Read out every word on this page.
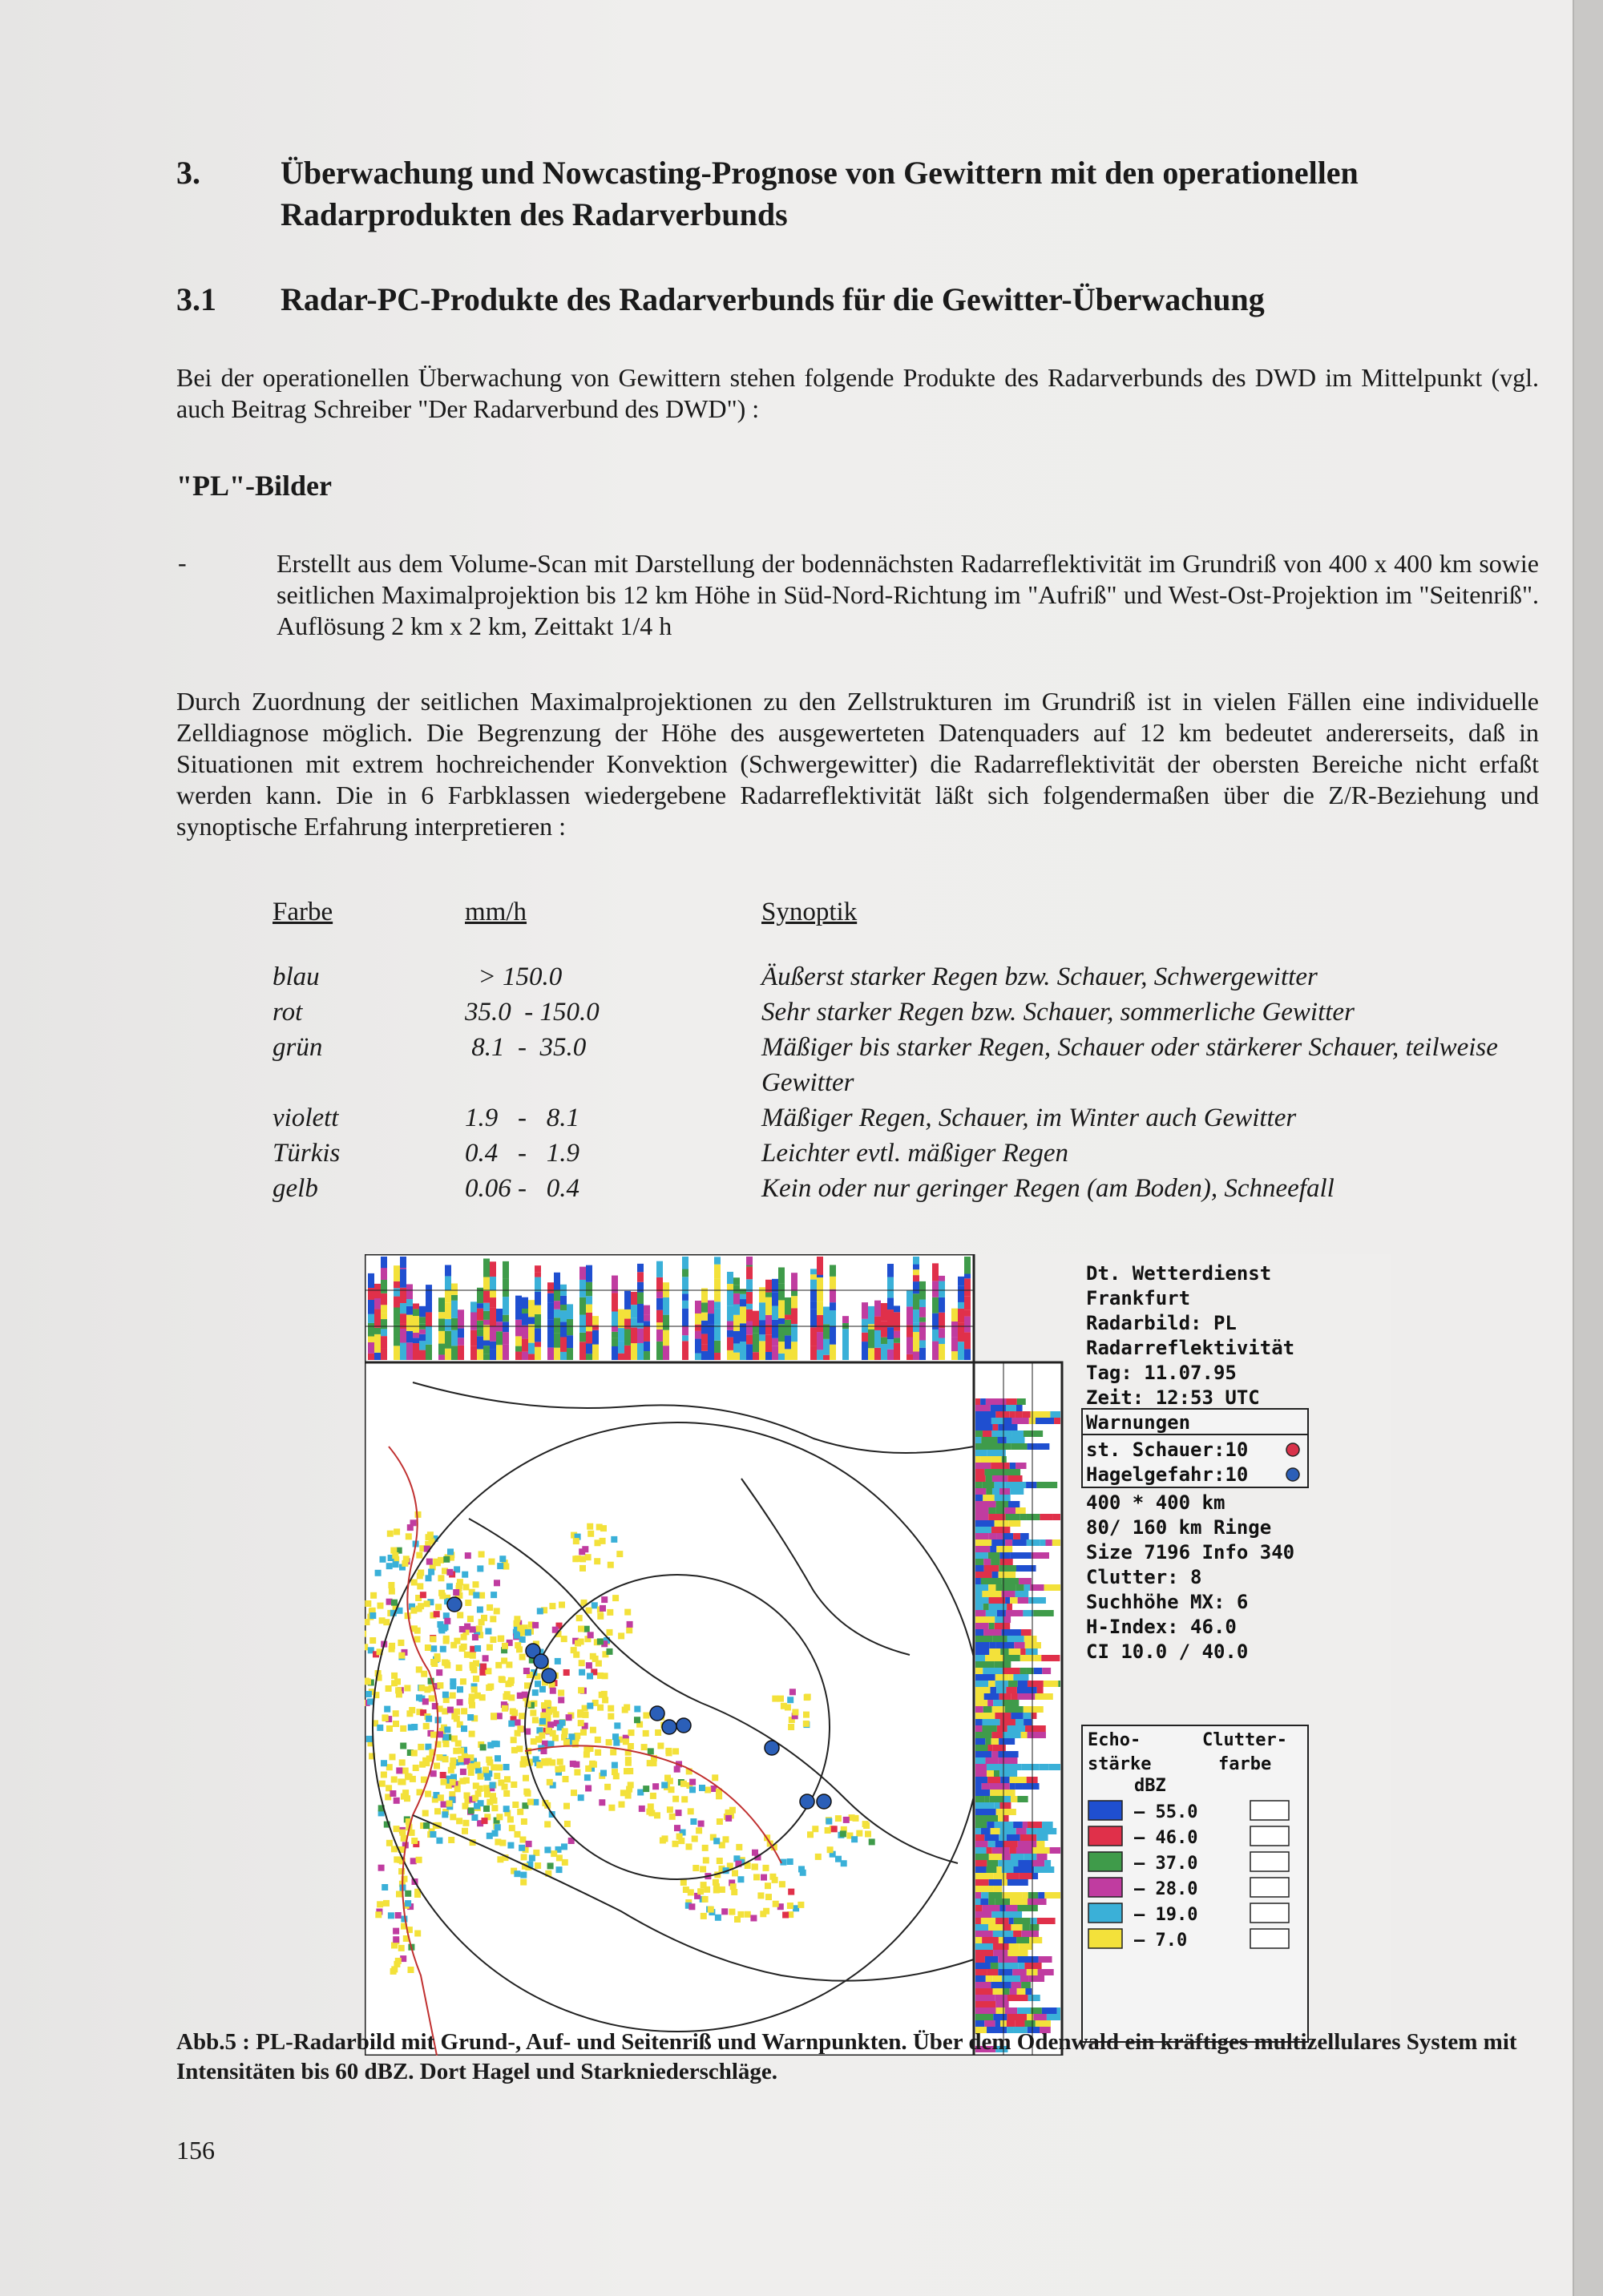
3.	Überwachung und Nowcasting-Prognose von Gewittern mit den operationellen Radarprodukten des Radarverbunds
3.1 Radar-PC-Produkte des Radarverbunds für die Gewitter-Überwachung
Bei der operationellen Überwachung von Gewittern stehen folgende Produkte des Radarverbunds des DWD im Mittelpunkt (vgl. auch Beitrag Schreiber "Der Radarverbund des DWD") :
"PL"-Bilder
-	Erstellt aus dem Volume-Scan mit Darstellung der bodennächsten Radarreflektivität im Grundriß von 400 x 400 km sowie seitlichen Maximalprojektion bis 12 km Höhe in Süd-Nord-Richtung im "Aufriß" und West-Ost-Projektion im "Seitenriß". Auflösung 2 km x 2 km, Zeittakt 1/4 h
Durch Zuordnung der seitlichen Maximalprojektionen zu den Zellstrukturen im Grundriß ist in vielen Fällen eine individuelle Zelldiagnose möglich. Die Begrenzung der Höhe des ausgewerteten Datenquaders auf 12 km bedeutet andererseits, daß in Situationen mit extrem hochreichender Konvektion (Schwergewitter) die Radarreflektivität der obersten Bereiche nicht erfaßt werden kann. Die in 6 Farbklassen wiedergebene Radarreflektivität läßt sich folgendermaßen über die Z/R-Beziehung und synoptische Erfahrung interpretieren :
Farbe	mm/h	Synoptik
blau	> 150.0	Äußerst starker Regen bzw. Schauer, Schwergewitter
rot	35.0  - 150.0	Sehr starker Regen bzw. Schauer, sommerliche Gewitter
grün	8.1  -  35.0	Mäßiger bis starker Regen, Schauer oder stärkerer Schauer, teilweise Gewitter
violett	1.9   -   8.1	Mäßiger Regen, Schauer, im Winter auch Gewitter
Türkis	0.4   -   1.9	Leichter evtl. mäßiger Regen
gelb	0.06 -   0.4	Kein oder nur geringer Regen (am Boden), Schneefall
Dt. Wetterdienst
Frankfurt
Radarbild: PL
Radarreflektivität
Tag: 11.07.95
Zeit: 12:53 UTC
Warnungen
st. Schauer:10
Hagelgefahr:10
400 * 400 km
80/ 160 km Ringe
Size 7196 Info 340
Clutter: 8
Suchhöhe MX: 6
H-Index: 46.0
CI 10.0 / 40.0
Echo-stärke
Clutter-farbe
dBZ
— 55.0
— 46.0
— 37.0
— 28.0
— 19.0
— 7.0
Abb.5 : PL-Radarbild mit Grund-, Auf- und Seitenriß und Warnpunkten. Über dem Odenwald ein kräftiges multizellulares System mit Intensitäten bis 60 dBZ. Dort Hagel und Starkniederschläge.
156
